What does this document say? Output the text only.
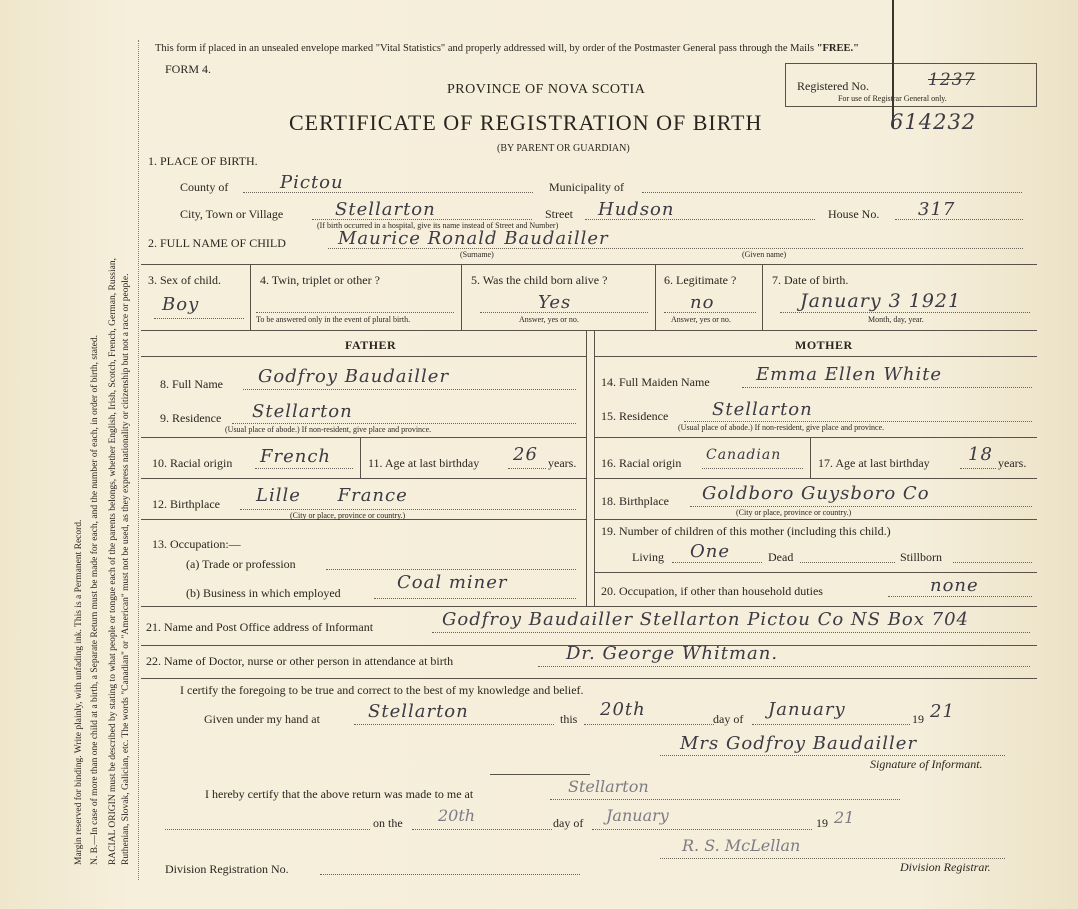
Margin reserved for binding. Write plainly, with unfading ink. This is a Permanent Record. N. B.—In case of more than one child at a birth, a Separate Return must be made for each, and the number of each, in order of birth, stated. RACIAL ORIGIN must be described by stating to what people or tongue each of the parents belongs, whether English, Irish, Scotch, French, German, Russian, Ruthenian, Slovak, Galician, etc. The words "Canadian" or "American" must not be used, as they express nationality or citizenship but not a race or people.
This form if placed in an unsealed envelope marked "Vital Statistics" and properly addressed will, by order of the Postmaster General pass through the Mails "FREE."
FORM 4.
PROVINCE OF NOVA SCOTIA
CERTIFICATE OF REGISTRATION OF BIRTH
(BY PARENT OR GUARDIAN)
Registered No.
For use of Registrar General only.
1237
614232
1. PLACE OF BIRTH.
County of	Pictou	Municipality of
City, Town or Village	Stellarton
(If birth occurred in a hospital, give its name instead of Street and Number)
Street Hudson	House No. 317
2. FULL NAME OF CHILD	Maurice Ronald Baudailler
(Surname)	(Given name)
3. Sex of child.
Boy
4. Twin, triplet or other ?
To be answered only in the event of plural birth.
5. Was the child born alive ?
Yes
Answer, yes or no.
6. Legitimate ?
no
Answer, yes or no.
7. Date of birth.
January 3 1921
Month, day, year.
FATHER	MOTHER
8. Full Name Godfroy Baudailler
9. Residence Stellarton
(Usual place of abode.) If non-resident, give place and province.
10. Racial origin French	11. Age at last birthday 26 years.
12. Birthplace Lille France
(City or place, province or country.)
13. Occupation:—
(a) Trade or profession
(b) Business in which employed	Coal miner
14. Full Maiden Name	Emma Ellen White
15. Residence Stellarton
(Usual place of abode.) If non-resident, give place and province.
16. Racial origin Canadian	17. Age at last birthday 18 years.
18. Birthplace Goldboro Guysboro Co
(City or place, province or country.)
19. Number of children of this mother (including this child.)
Living One	Dead	Stillborn
20. Occupation, if other than household duties	none
21. Name and Post Office address of Informant	Godfroy Baudailler Stellarton Pictou Co NS Box 704
22. Name of Doctor, nurse or other person in attendance at birth	Dr. George Whitman.
I certify the foregoing to be true and correct to the best of my knowledge and belief.
Given under my hand at	Stellarton	this 20th	day of January	19 21
Mrs Godfroy Baudailler
Signature of Informant.
I hereby certify that the above return was made to me at	Stellarton
on the 20th	day of January	19 21
R. S. McLellan
Division Registration No.	Division Registrar.
